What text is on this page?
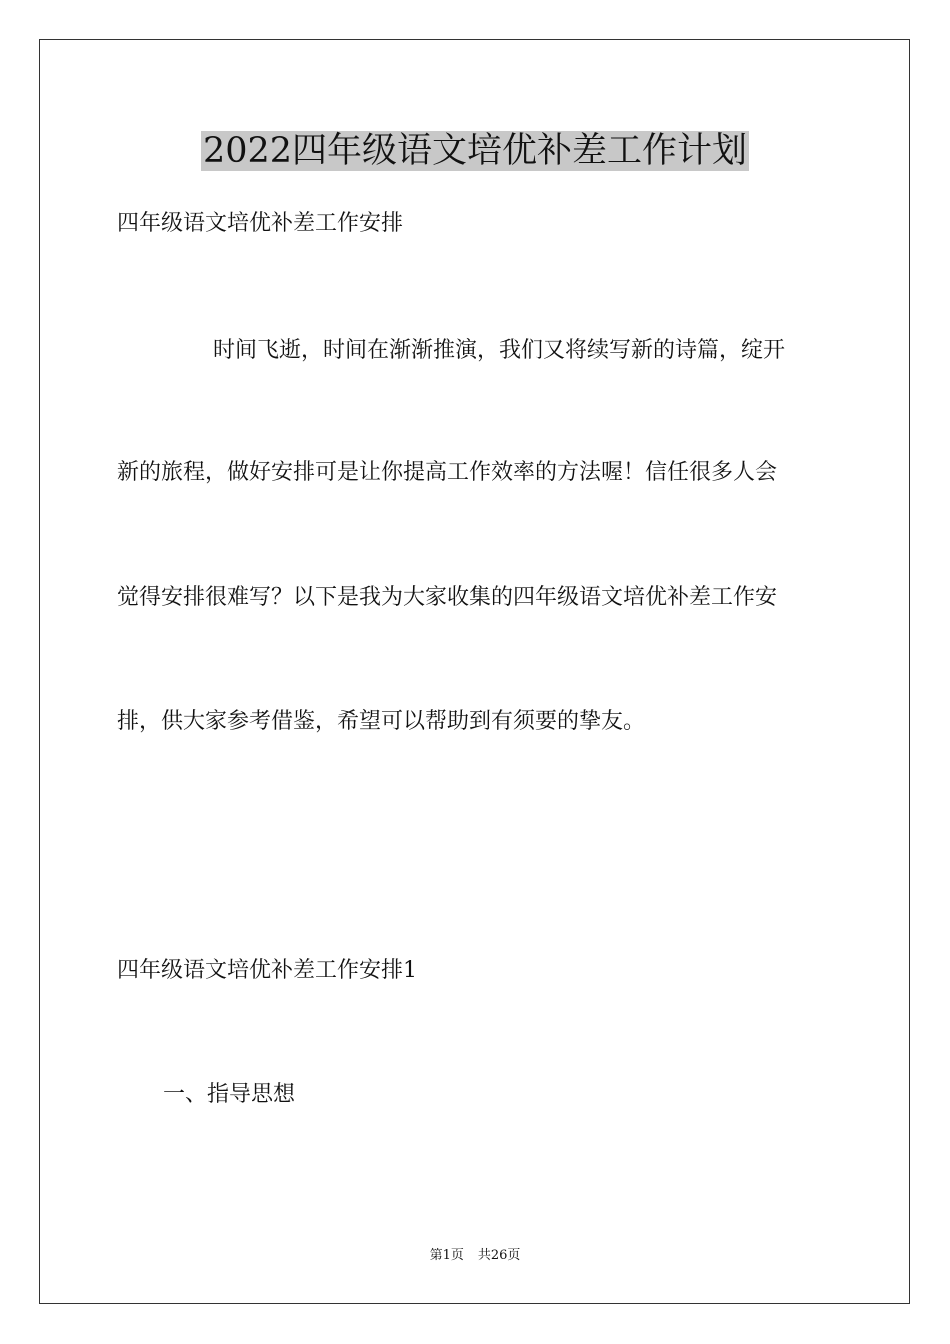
2022四年级语文培优补差工作计划
四年级语文培优补差工作安排
时间飞逝，时间在渐渐推演，我们又将续写新的诗篇，绽开
新的旅程，做好安排可是让你提高工作效率的方法喔！信任很多人会
觉得安排很难写？以下是我为大家收集的四年级语文培优补差工作安
排，供大家参考借鉴，希望可以帮助到有须要的挚友。
四年级语文培优补差工作安排1
一、指导思想
第1页 共26页
